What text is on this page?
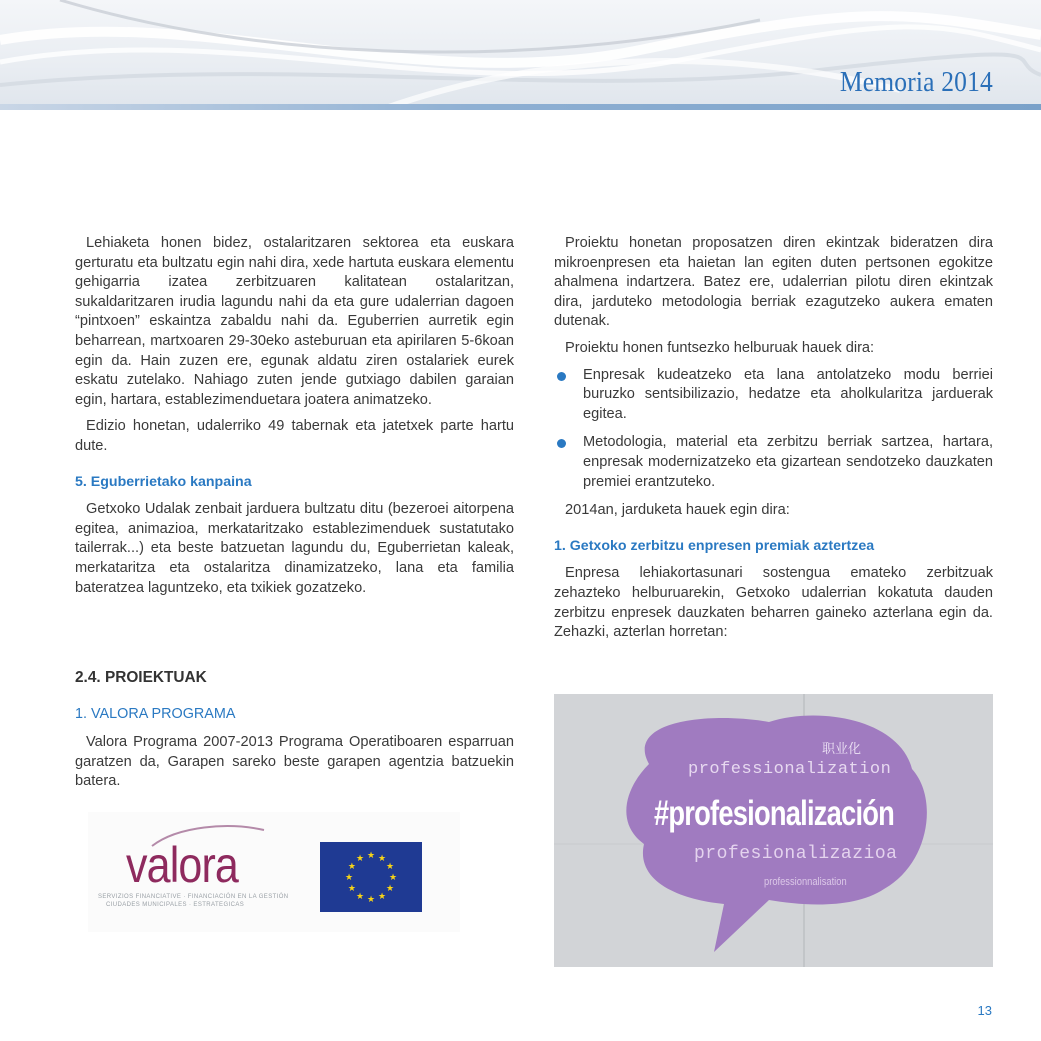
Memoria 2014

Lehiaketa honen bidez, ostalaritzaren sektorea eta euskara gerturatu eta bultzatu egin nahi dira, xede hartuta euskara elementu gehigarria izatea zerbitzuaren kalitatean ostalaritzan, sukaldaritzaren irudia lagundu nahi da eta gure udalerrian dagoen “pintxoen” eskaintza zabaldu nahi da. Eguberrien aurretik egin beharrean, martxoaren 29-30eko asteburuan eta apirilaren 5-6koan egin da. Hain zuzen ere, egunak aldatu ziren ostalariek eurek eskatu zutelako. Nahiago zuten jende gutxiago dabilen garaian egin, hartara, establezimenduetara joatera animatzeko.

Edizio honetan, udalerriko 49 tabernak eta jatetxek parte hartu dute.

5. Eguberrietako kanpaina

Getxoko Udalak zenbait jarduera bultzatu ditu (bezeroei aitorpena egitea, animazioa, merkataritzako establezimenduek sustatutako tailerrak...) eta beste batzuetan lagundu du, Eguberrietan kaleak, merkataritza eta ostalaritza dinamizatzeko, lana eta familia bateratzea laguntzeko, eta txikiek gozatzeko.

2.4. PROIEKTUAK
1. VALORA PROGRAMA

Valora Programa 2007-2013 Programa Operatiboaren esparruan garatzen da, Garapen sareko beste garapen agentzia batzuekin batera.

valora
SERVIZIOS FINANCIATIVE · FINANCIACIÓN EN LA GESTIÓN
CIUDADES MUNICIPALES · ESTRATEGICAS
★ ★
★
★
★
★
★
★
★
★
★
★

Proiektu honetan proposatzen diren ekintzak bideratzen dira mikroenpresen eta haietan lan egiten duten pertsonen egokitze ahalmena indartzera. Batez ere, udalerrian pilotu diren ekintzak dira, jarduteko metodologia berriak ezagutzeko aukera ematen dutenak.

Proiektu honen funtsezko helburuak hauek dira:

Enpresak kudeatzeko eta lana antolatzeko modu berriei buruzko sentsibilizazio, hedatze eta aholkularitza jarduerak egitea.
Metodologia, material eta zerbitzu berriak sartzea, hartara, enpresak modernizatzeko eta gizartean sendotzeko dauzkaten premiei erantzuteko.

2014an, jarduketa hauek egin dira:

1. Getxoko zerbitzu enpresen premiak aztertzea

Enpresa lehiakortasunari sostengua emateko zerbitzuak zehazteko helburuarekin, Getxoko udalerrian kokatuta dauden zerbitzu enpresek dauzkaten beharren gaineko azterlana egin da. Zehazki, azterlan horretan:

职业化
professionalization
#profesionalización
profesionalizazioa
professionnalisation
13
